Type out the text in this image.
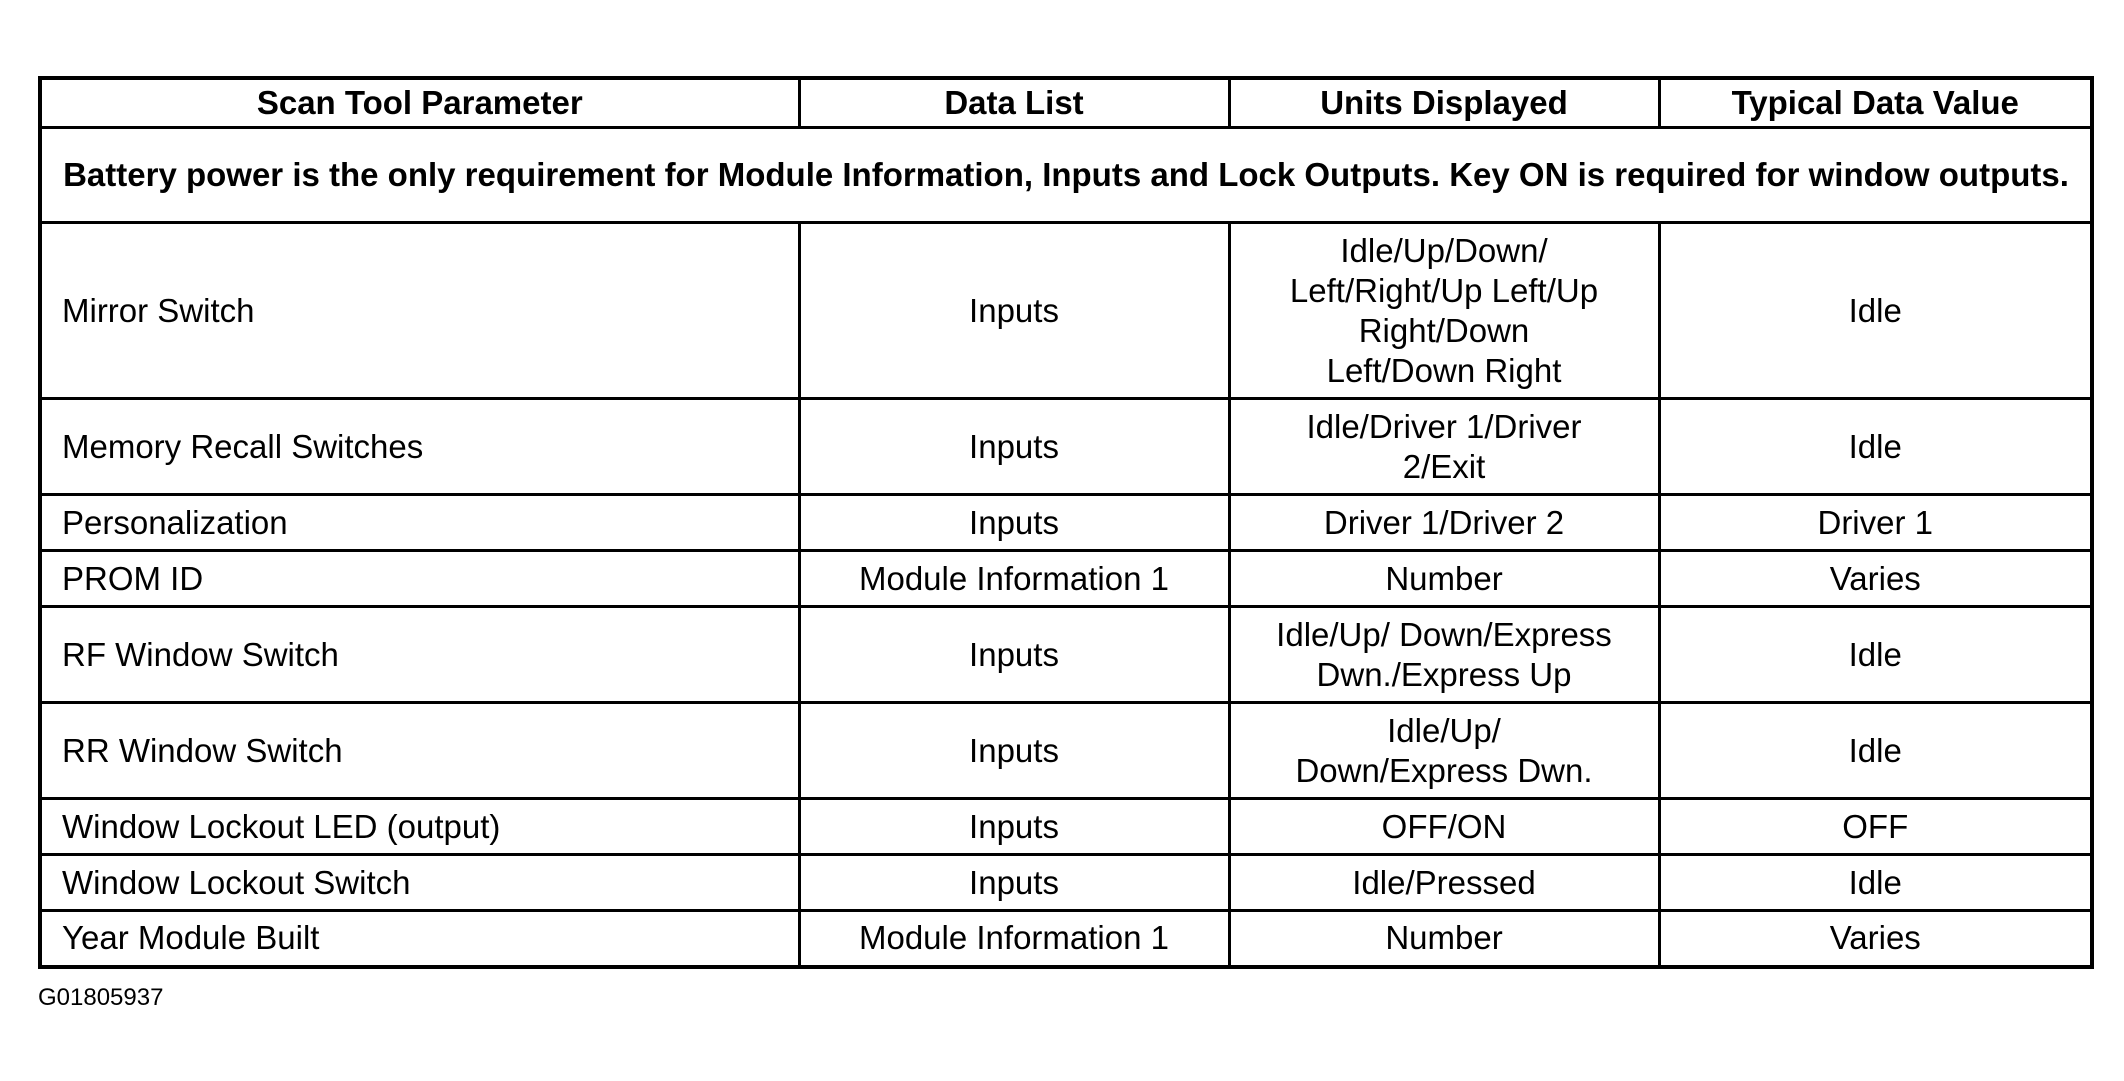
Scan Tool Parameter	Data List	Units Displayed	Typical Data Value
Battery power is the only requirement for Module Information, Inputs and Lock Outputs. Key ON is required for window outputs.			
Mirror Switch	Inputs	Idle/Up/Down/
Left/Right/Up Left/Up
Right/Down
Left/Down Right	Idle
Memory Recall Switches	Inputs	Idle/Driver 1/Driver
2/Exit	Idle
Personalization	Inputs	Driver 1/Driver 2	Driver 1
PROM ID	Module Information 1	Number	Varies
RF Window Switch	Inputs	Idle/Up/ Down/Express
Dwn./Express Up	Idle
RR Window Switch	Inputs	Idle/Up/
Down/Express Dwn.	Idle
Window Lockout LED (output)	Inputs	OFF/ON	OFF
Window Lockout Switch	Inputs	Idle/Pressed	Idle
Year Module Built	Module Information 1	Number	Varies
G01805937
